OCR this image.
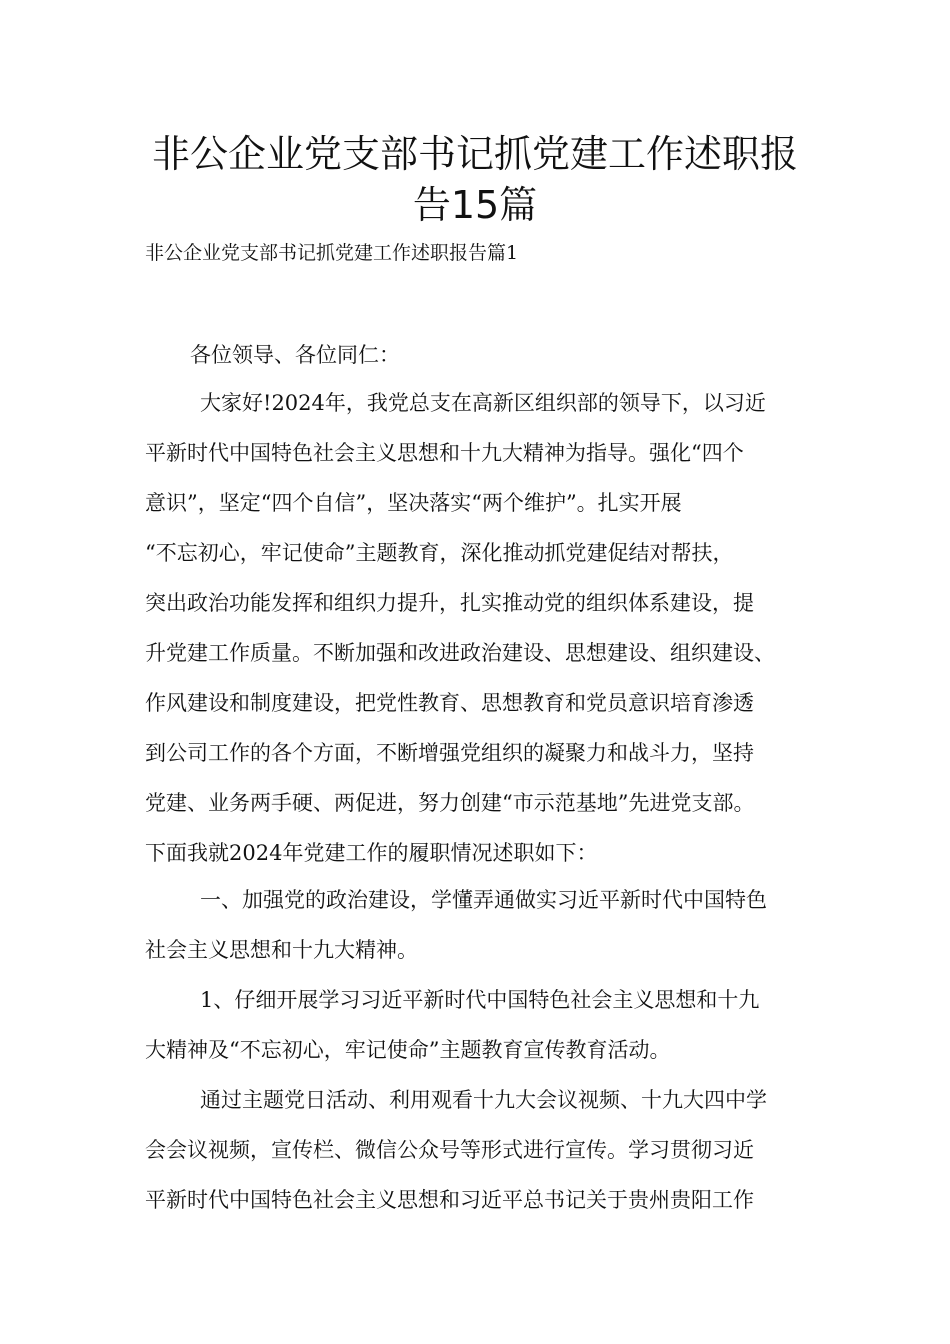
非公企业党支部书记抓党建工作述职报
告15篇
非公企业党支部书记抓党建工作述职报告篇1
各位领导、各位同仁：
大家好!2024年，我党总支在高新区组织部的领导下，以习近
平新时代中国特色社会主义思想和十九大精神为指导。强化“四个
意识”，坚定“四个自信”，坚决落实“两个维护”。扎实开展
“不忘初心，牢记使命”主题教育，深化推动抓党建促结对帮扶，
突出政治功能发挥和组织力提升，扎实推动党的组织体系建设，提
升党建工作质量。不断加强和改进政治建设、思想建设、组织建设、
作风建设和制度建设，把党性教育、思想教育和党员意识培育渗透
到公司工作的各个方面，不断增强党组织的凝聚力和战斗力，坚持
党建、业务两手硬、两促进，努力创建“市示范基地”先进党支部。
下面我就2024年党建工作的履职情况述职如下：
一、加强党的政治建设，学懂弄通做实习近平新时代中国特色
社会主义思想和十九大精神。
1、仔细开展学习习近平新时代中国特色社会主义思想和十九
大精神及“不忘初心，牢记使命”主题教育宣传教育活动。
通过主题党日活动、利用观看十九大会议视频、十九大四中学
会会议视频，宣传栏、微信公众号等形式进行宣传。学习贯彻习近
平新时代中国特色社会主义思想和习近平总书记关于贵州贵阳工作
